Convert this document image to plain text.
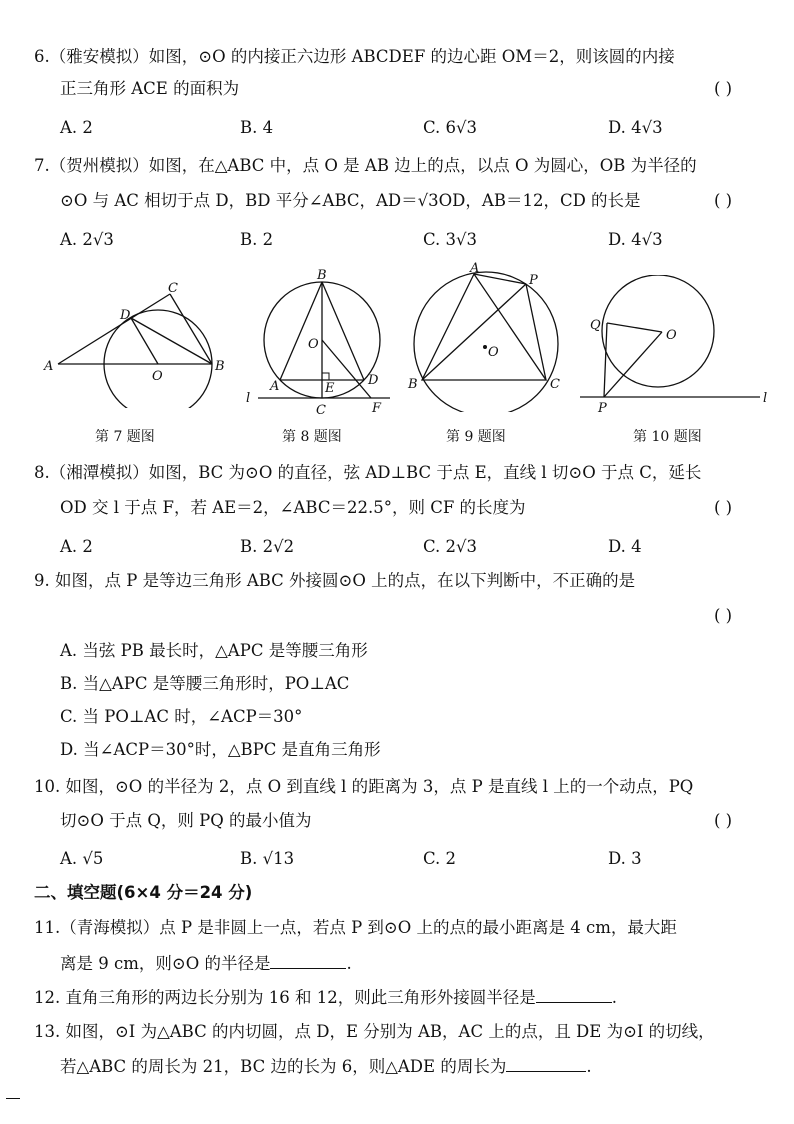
6.（雅安模拟）如图，⊙O 的内接正六边形 ABCDEF 的边心距 OM＝2，则该圆的内接
正三角形 ACE 的面积为	( )
A. 2	B. 4	C. 6√3	D. 4√3
7.（贺州模拟）如图，在△ABC 中，点 O 是 AB 边上的点，以点 O 为圆心，OB 为半径的
⊙O 与 AC 相切于点 D，BD 平分∠ABC，AD＝√3OD，AB＝12，CD 的长是	( )
A. 2√3	B. 2	C. 3√3	D. 4√3
A	B
C
D
O
B
O
A	E
D
C	F
l
A
P
O
B	C
Q
O
P
l
第 7 题图	第 8 题图	第 9 题图	第 10 题图
8.（湘潭模拟）如图，BC 为⊙O 的直径，弦 AD⊥BC 于点 E，直线 l 切⊙O 于点 C，延长
OD 交 l 于点 F，若 AE＝2，∠ABC＝22.5°，则 CF 的长度为	( )
A. 2	B. 2√2	C. 2√3	D. 4
9. 如图，点 P 是等边三角形 ABC 外接圆⊙O 上的点，在以下判断中，不正确的是
( )
A. 当弦 PB 最长时，△APC 是等腰三角形
B. 当△APC 是等腰三角形时，PO⊥AC
C. 当 PO⊥AC 时，∠ACP＝30°
D. 当∠ACP＝30°时，△BPC 是直角三角形
10. 如图，⊙O 的半径为 2，点 O 到直线 l 的距离为 3，点 P 是直线 l 上的一个动点，PQ
切⊙O 于点 Q，则 PQ 的最小值为	( )
A. √5	B. √13	C. 2	D. 3
二、填空题(6×4 分＝24 分)
11.（青海模拟）点 P 是非圆上一点，若点 P 到⊙O 上的点的最小距离是 4 cm，最大距
离是 9 cm，则⊙O 的半径是	.
12. 直角三角形的两边长分别为 16 和 12，则此三角形外接圆半径是	.
13. 如图，⊙I 为△ABC 的内切圆，点 D，E 分别为 AB，AC 上的点，且 DE 为⊙I 的切线，
若△ABC 的周长为 21，BC 边的长为 6，则△ADE 的周长为	.
